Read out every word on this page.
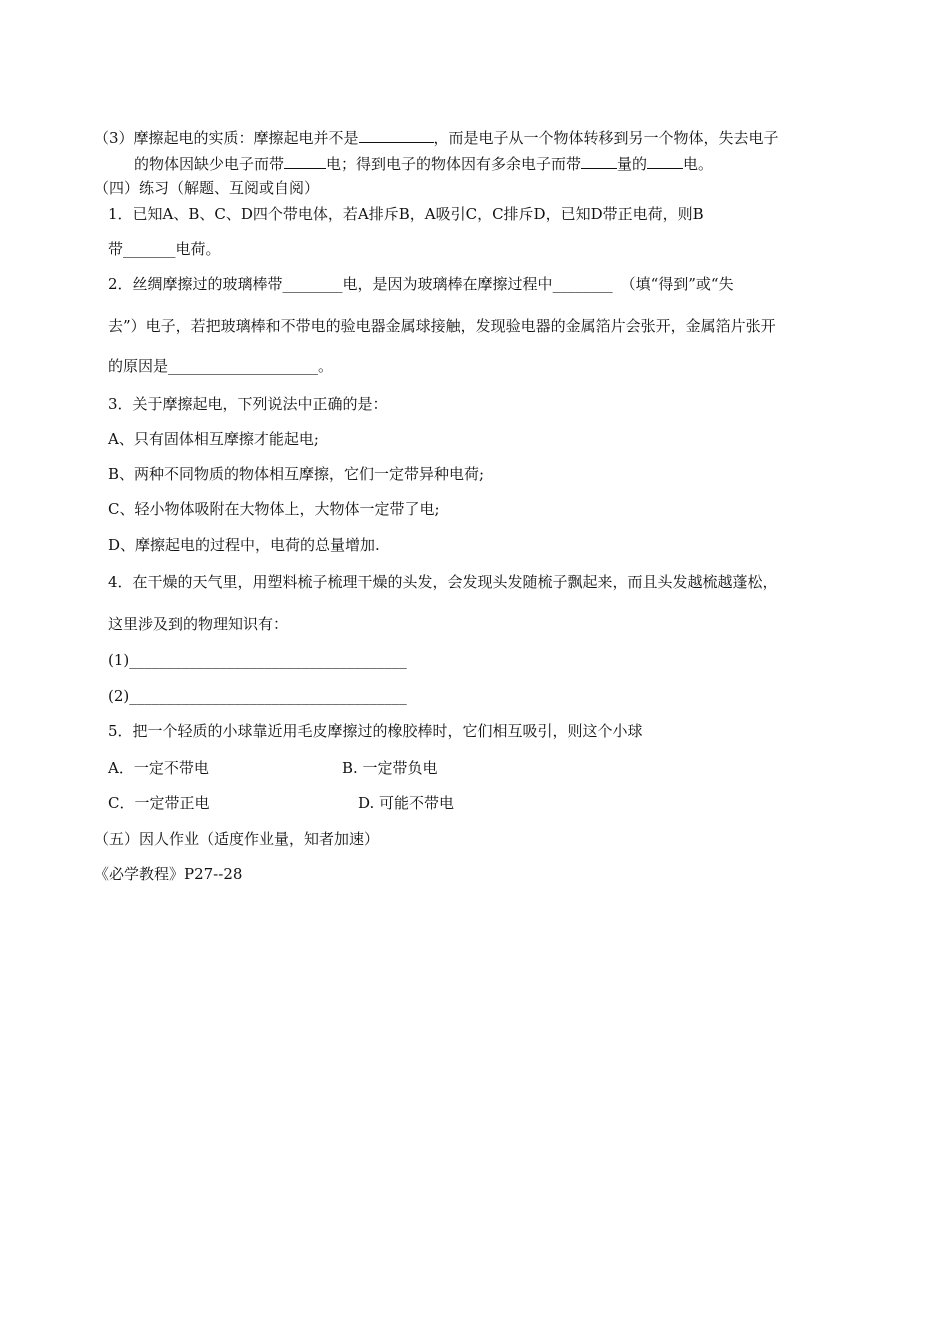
（3）摩擦起电的实质：摩擦起电并不是	，而是电子从一个物体转移到另一个物体，失去电子
的物体因缺少电子而带	电；得到电子的物体因有多余电子而带 量的 电。
（四）练习（解题、互阅或自阅）
1．已知A、B、C、D四个带电体，若A排斥B，A吸引C，C排斥D，已知D带正电荷，则B
带_______电荷。
2．丝绸摩擦过的玻璃棒带________电，是因为玻璃棒在摩擦过程中________ （填“得到”或“失
去”）电子，若把玻璃棒和不带电的验电器金属球接触，发现验电器的金属箔片会张开，金属箔片张开
的原因是____________________。
3．关于摩擦起电，下列说法中正确的是：
A、只有固体相互摩擦才能起电;
B、两种不同物质的物体相互摩擦，它们一定带异种电荷;
C、轻小物体吸附在大物体上，大物体一定带了电;
D、摩擦起电的过程中，电荷的总量增加.
4．在干燥的天气里，用塑料梳子梳理干燥的头发，会发现头发随梳子飘起来，而且头发越梳越蓬松，
这里涉及到的物理知识有：
(1)_____________________________________
(2)_____________________________________
5．把一个轻质的小球靠近用毛皮摩擦过的橡胶棒时，它们相互吸引，则这个小球
A．一定不带电	B. 一定带负电
C．一定带正电	D. 可能不带电
（五）因人作业（适度作业量，知者加速）
《必学教程》P27--28
